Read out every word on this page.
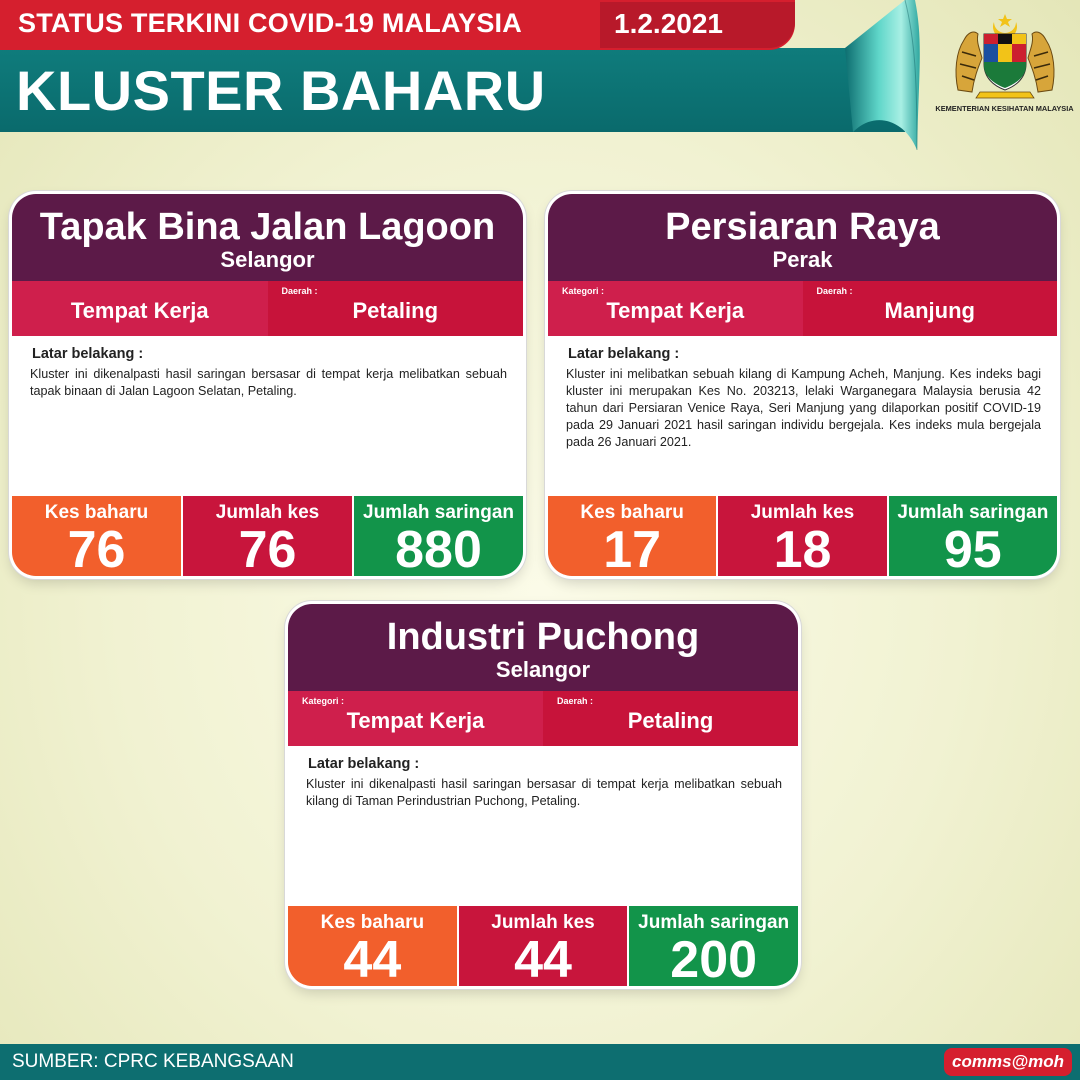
STATUS TERKINI COVID-19 MALAYSIA	1.2.2021
KLUSTER BAHARU	KEMENTERIAN KESIHATAN MALAYSIA
Tapak Bina Jalan Lagoon
Selangor
Tempat Kerja
Daerah :
Petaling
Latar belakang :
Kluster ini dikenalpasti hasil saringan bersasar di tempat kerja melibatkan sebuah tapak binaan di Jalan Lagoon Selatan, Petaling.
Kes baharu
76
Jumlah kes
76
Jumlah saringan
880
Persiaran Raya
Perak
Kategori :
Tempat Kerja
Daerah :
Manjung
Latar belakang :
Kluster ini melibatkan sebuah kilang di Kampung Acheh, Manjung. Kes indeks bagi kluster ini merupakan Kes No. 203213, lelaki Warganegara Malaysia berusia 42 tahun dari Persiaran Venice Raya, Seri Manjung yang dilaporkan positif COVID-19 pada 29 Januari 2021 hasil saringan individu bergejala. Kes indeks mula bergejala pada 26 Januari 2021.
Kes baharu
17
Jumlah kes
18
Jumlah saringan
95
Industri Puchong
Selangor
Kategori :
Tempat Kerja
Daerah :
Petaling
Latar belakang :
Kluster ini dikenalpasti hasil saringan bersasar di tempat kerja melibatkan sebuah kilang di Taman Perindustrian Puchong, Petaling.
Kes baharu
44
Jumlah kes
44
Jumlah saringan
200
SUMBER: CPRC KEBANGSAAN	comms@moh
